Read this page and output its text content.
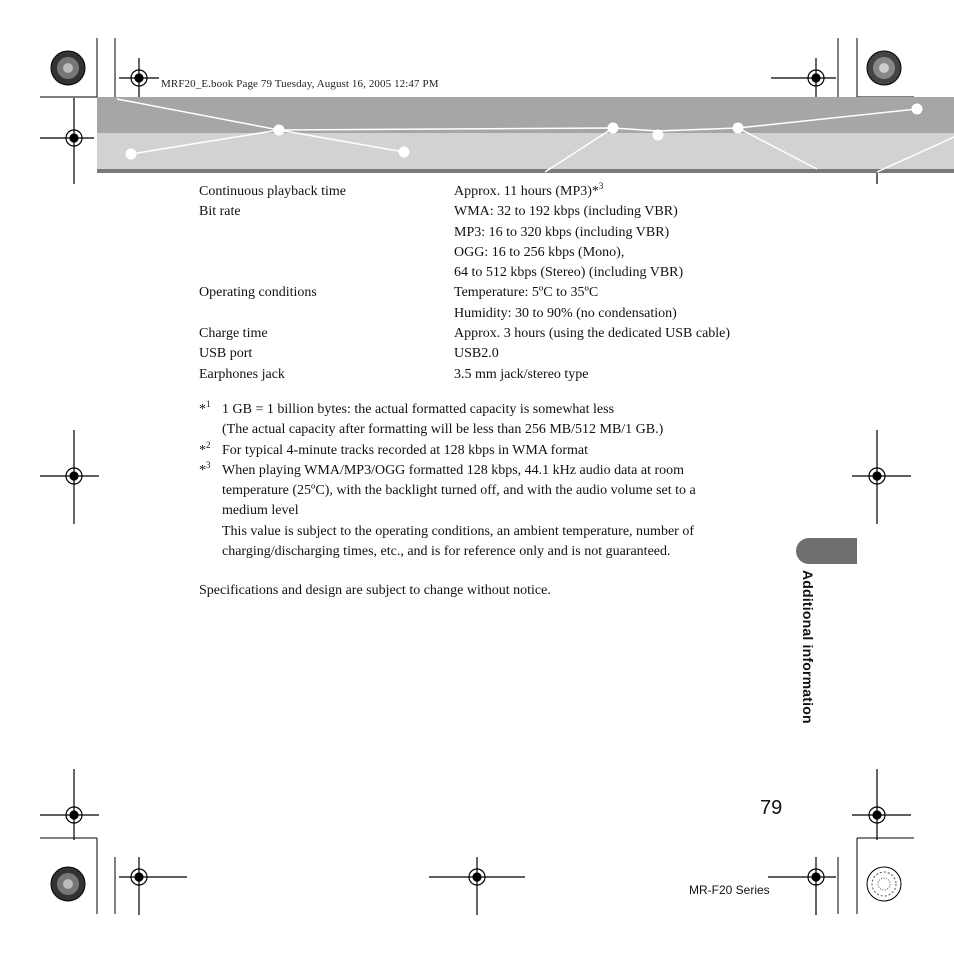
MRF20_E.book Page 79 Tuesday, August 16, 2005 12:47 PM
Continuous playback time	Approx. 11 hours (MP3)*$^3$
Bit rate	WMA: 32 to 192 kbps (including VBR)
MP3: 16 to 320 kbps (including VBR)
OGG: 16 to 256 kbps (Mono),
64 to 512 kbps (Stereo) (including VBR)
Operating conditions	Temperature: 5ºC to 35ºC
Humidity: 30 to 90% (no condensation)
Charge time	Approx. 3 hours (using the dedicated USB cable)
USB port	USB2.0
Earphones jack	3.5 mm jack/stereo type
*$^1$ 1 GB = 1 billion bytes: the actual formatted capacity is somewhat less
(The actual capacity after formatting will be less than 256 MB/512 MB/1 GB.)
*$^2$ For typical 4-minute tracks recorded at 128 kbps in WMA format
*$^3$ When playing WMA/MP3/OGG formatted 128 kbps, 44.1 kHz audio data at room
temperature (25ºC), with the backlight turned off, and with the audio volume set to a
medium level
This value is subject to the operating conditions, an ambient temperature, number of
charging/discharging times, etc., and is for reference only and is not guaranteed.
Specifications and design are subject to change without notice.	Additional information
79
MR-F20 Series
